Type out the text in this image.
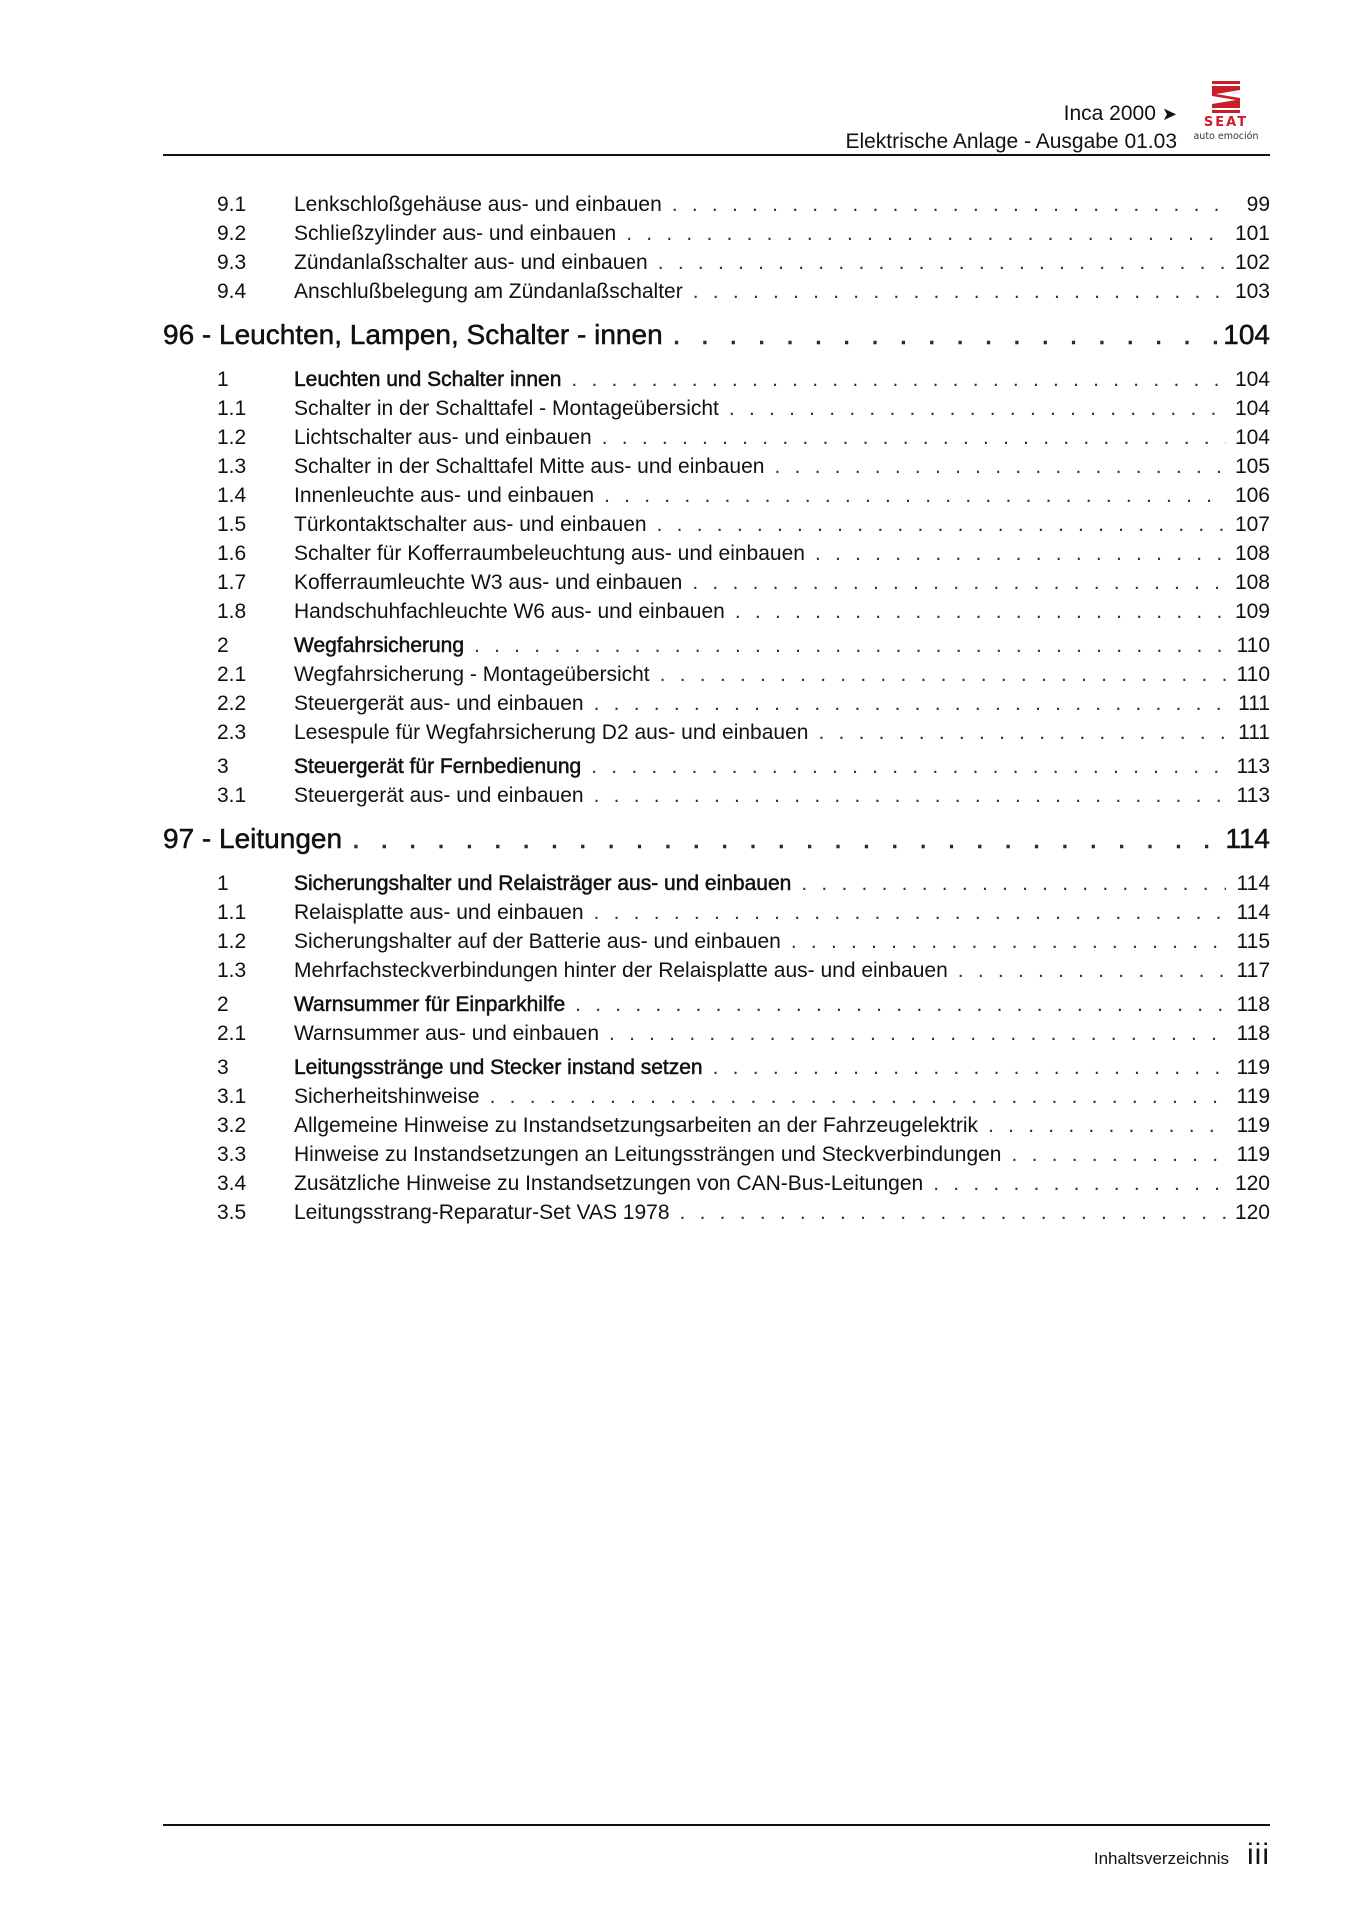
Inca 2000 ➤
Elektrische Anlage - Ausgabe 01.03
SEAT
auto emoción
9.1	Lenkschloßgehäuse aus- und einbauen . . .	99
9.2	Schließzylinder aus- und einbauen . . .	101
9.3	Zündanlaßschalter aus- und einbauen . . .	102
9.4	Anschlußbelegung am Zündanlaßschalter . . .	103
96 - Leuchten, Lampen, Schalter - innen . . .	104
1	Leuchten und Schalter innen . . .	104
1.1	Schalter in der Schalttafel - Montageübersicht . . .	104
1.2	Lichtschalter aus- und einbauen . . .	104
1.3	Schalter in der Schalttafel Mitte aus- und einbauen . . .	105
1.4	Innenleuchte aus- und einbauen . . .	106
1.5	Türkontaktschalter aus- und einbauen . . .	107
1.6	Schalter für Kofferraumbeleuchtung aus- und einbauen . . .	108
1.7	Kofferraumleuchte W3 aus- und einbauen . . .	108
1.8	Handschuhfachleuchte W6 aus- und einbauen . . .	109
2	Wegfahrsicherung . . .	110
2.1	Wegfahrsicherung - Montageübersicht . . .	110
2.2	Steuergerät aus- und einbauen . . .	111
2.3	Lesespule für Wegfahrsicherung D2 aus- und einbauen . . .	111
3	Steuergerät für Fernbedienung . . .	113
3.1	Steuergerät aus- und einbauen . . .	113
97 - Leitungen . . .	114
1	Sicherungshalter und Relaisträger aus- und einbauen . . .	114
1.1	Relaisplatte aus- und einbauen . . .	114
1.2	Sicherungshalter auf der Batterie aus- und einbauen . . .	115
1.3	Mehrfachsteckverbindungen hinter der Relaisplatte aus- und einbauen . . .	117
2	Warnsummer für Einparkhilfe . . .	118
2.1	Warnsummer aus- und einbauen . . .	118
3	Leitungsstränge und Stecker instand setzen . . .	119
3.1	Sicherheitshinweise . . .	119
3.2	Allgemeine Hinweise zu Instandsetzungsarbeiten an der Fahrzeugelektrik . . .	119
3.3	Hinweise zu Instandsetzungen an Leitungssträngen und Steckverbindungen . . .	119
3.4	Zusätzliche Hinweise zu Instandsetzungen von CAN-Bus-Leitungen . . .	120
3.5	Leitungsstrang-Reparatur-Set VAS 1978 . . .	120
Inhaltsverzeichnis iii
